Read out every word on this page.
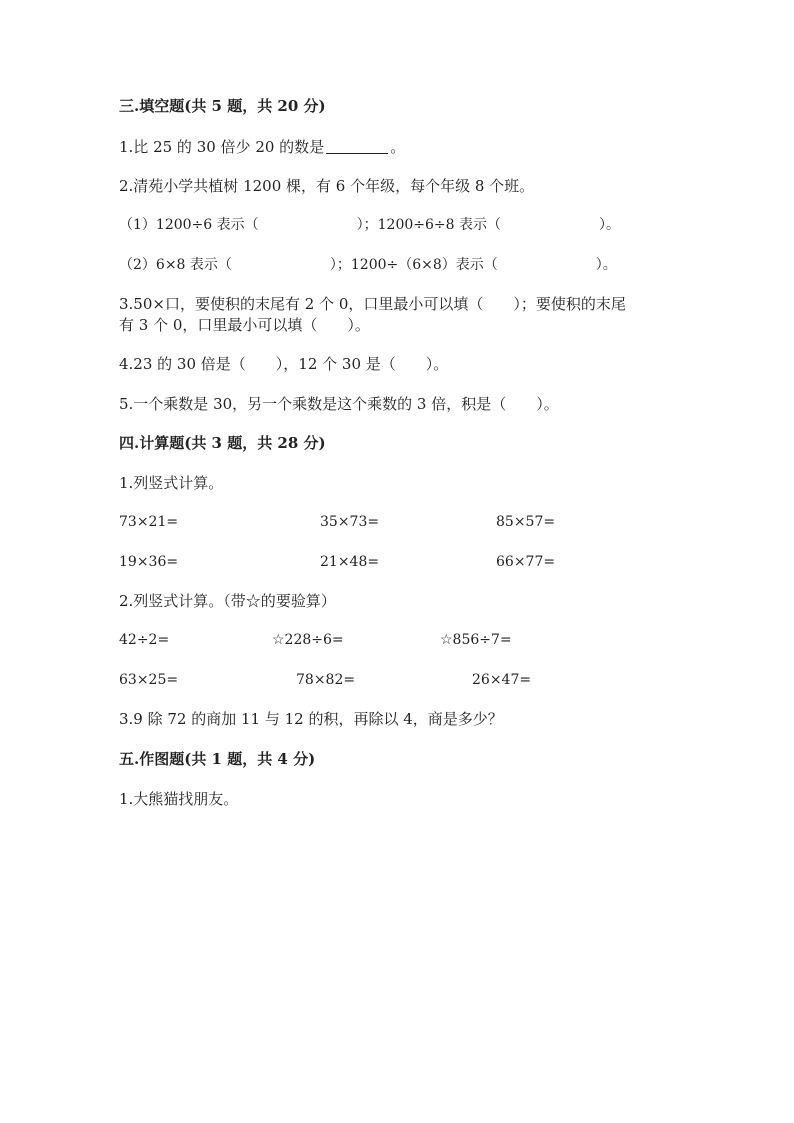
三.填空题(共 5 题，共 20 分)
1.比 25 的 30 倍少 20 的数是	。
2.清苑小学共植树 1200 棵，有 6 个年级，每个年级 8 个班。
（1）1200÷6 表示（　　　　　　　）；1200÷6÷8 表示（　　　　　　　）。
（2）6×8 表示（　　　　　　　）；1200÷（6×8）表示（　　　　　　　）。
3.50×口，要使积的末尾有 2 个 0，口里最小可以填（　　）；要使积的末尾
有 3 个 0，口里最小可以填（　　）。
4.23 的 30 倍是（　　），12 个 30 是（　　）。
5.一个乘数是 30，另一个乘数是这个乘数的 3 倍，积是（　　）。
四.计算题(共 3 题，共 28 分)
1.列竖式计算。
73×21=	35×73=	85×57=
19×36=	21×48=	66×77=
2.列竖式计算。（带☆的要验算）
42÷2=	☆228÷6=	☆856÷7=
63×25=	78×82=	26×47=
3.9 除 72 的商加 11 与 12 的积，再除以 4，商是多少？
五.作图题(共 1 题，共 4 分)
1.大熊猫找朋友。
